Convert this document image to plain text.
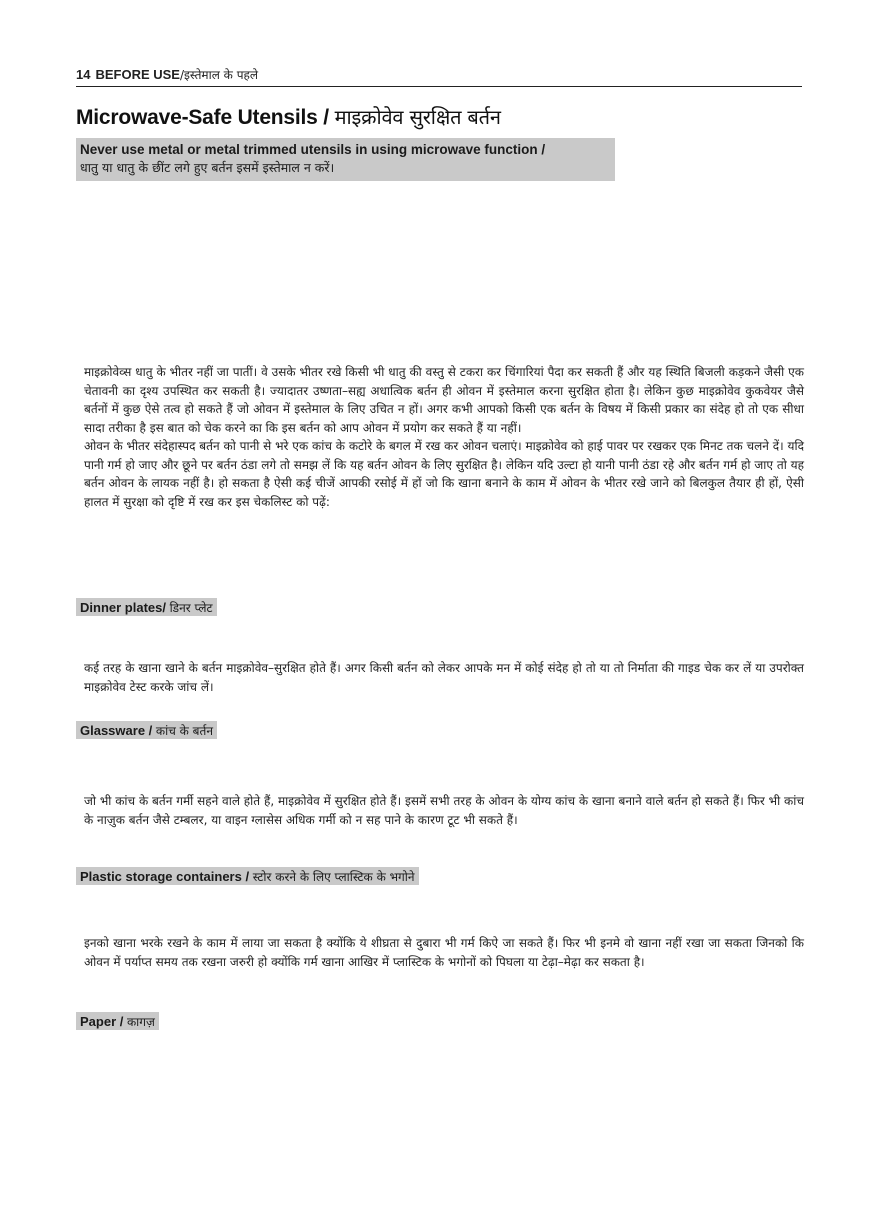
14 BEFORE USE/इस्तेमाल के पहले
Microwave-Safe Utensils / माइक्रोवेव सुरक्षित बर्तन
Never use metal or metal trimmed utensils in using microwave function /
धातु या धातु के छींट लगे हुए बर्तन इसमें इस्तेमाल न करें।

माइक्रोवेव्स धातु के भीतर नहीं जा पातीं। वे उसके भीतर रखे किसी भी धातु की वस्तु से टकरा कर चिंगारियां पैदा कर सकती हैं और यह स्थिति बिजली कड़कने जैसी एक चेतावनी का दृश्य उपस्थित कर सकती है। ज्यादातर उष्णता–सह्य अधात्विक बर्तन ही ओवन में इस्तेमाल करना सुरक्षित होता है। लेकिन कुछ माइक्रोवेव कुकवेयर जैसे बर्तनों में कुछ ऐसे तत्व हो सकते हैं जो ओवन में इस्तेमाल के लिए उचित न हों। अगर कभी आपको किसी एक बर्तन के विषय में किसी प्रकार का संदेह हो तो एक सीधा सादा तरीका है इस बात को चेक करने का कि इस बर्तन को आप ओवन में प्रयोग कर सकते हैं या नहीं।

ओवन के भीतर संदेहास्पद बर्तन को पानी से भरे एक कांच के कटोरे के बगल में रख कर ओवन चलाएं। माइक्रोवेव को हाई पावर पर रखकर एक मिनट तक चलने दें। यदि पानी गर्म हो जाए और छूने पर बर्तन ठंडा लगे तो समझ लें कि यह बर्तन ओवन के लिए सुरक्षित है। लेकिन यदि उल्टा हो यानी पानी ठंडा रहे और बर्तन गर्म हो जाए तो यह बर्तन ओवन के लायक नहीं है। हो सकता है ऐसी कई चीजें आपकी रसोई में हों जो कि खाना बनाने के काम में ओवन के भीतर रखे जाने को बिलकुल तैयार ही हों, ऐसी हालत में सुरक्षा को दृष्टि में रख कर इस चेकलिस्ट को पढ़ें:

Dinner plates/ डिनर प्लेट

कई तरह के खाना खाने के बर्तन माइक्रोवेव–सुरक्षित होते हैं। अगर किसी बर्तन को लेकर आपके मन में कोई संदेह हो तो या तो निर्माता की गाइड चेक कर लें या उपरोक्त माइक्रोवेव टेस्ट करके जांच लें।

Glassware / कांच के बर्तन

जो भी कांच के बर्तन गर्मी सहने वाले होते हैं, माइक्रोवेव में सुरक्षित होते हैं। इसमें सभी तरह के ओवन के योग्य कांच के खाना बनाने वाले बर्तन हो सकते हैं। फिर भी कांच के नाज़ुक बर्तन जैसे टम्बलर, या वाइन ग्लासेस अधिक गर्मी को न सह पाने के कारण टूट भी सकते हैं।

Plastic storage containers / स्टोर करने के लिए प्लास्टिक के भगोने

इनको खाना भरके रखने के काम में लाया जा सकता है क्योंकि ये शीघ्रता से दुबारा भी गर्म किऐ जा सकते हैं। फिर भी इनमे वो खाना नहीं रखा जा सकता जिनको कि ओवन में पर्याप्त समय तक रखना जरुरी हो क्योंकि गर्म खाना आखिर में प्लास्टिक के भगोनों को पिघला या टेढ़ा–मेढ़ा कर सकता है।

Paper / कागज़
